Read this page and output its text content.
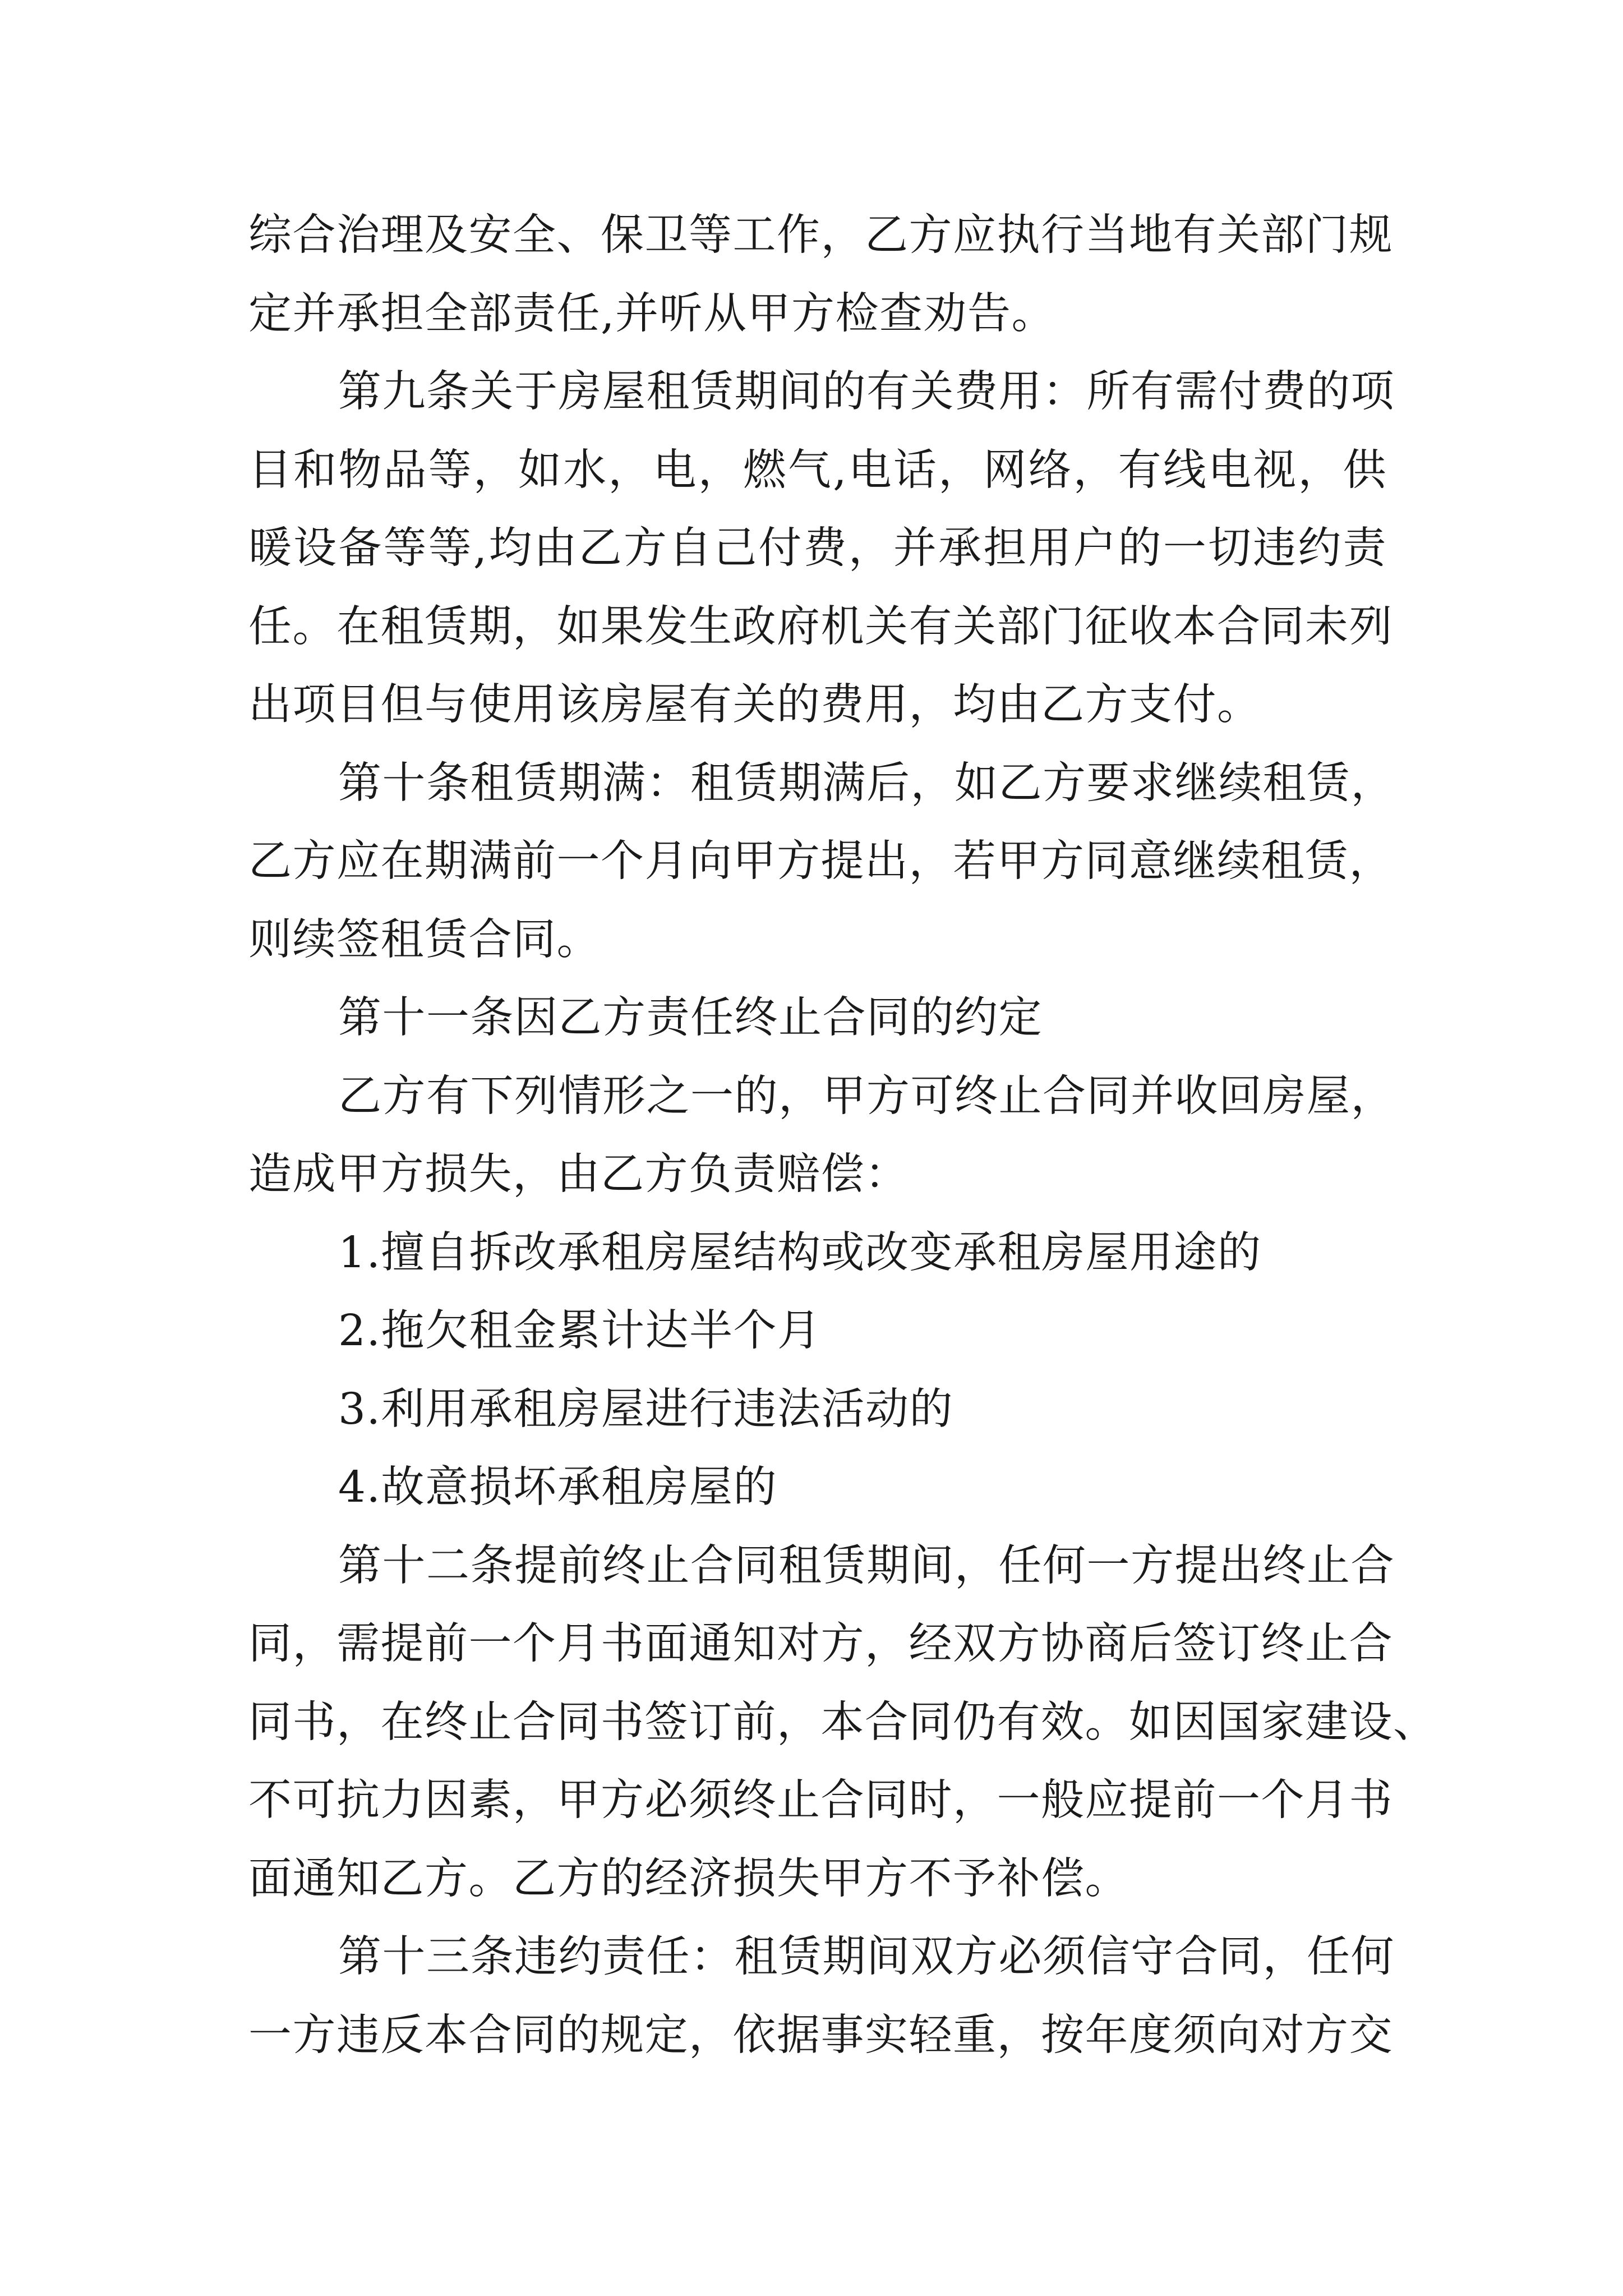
综合治理及安全、保卫等工作，乙方应执行当地有关部门规
定并承担全部责任,并听从甲方检查劝告。
第九条关于房屋租赁期间的有关费用：所有需付费的项
目和物品等，如水，电，燃气,电话，网络，有线电视，供
暖设备等等,均由乙方自己付费，并承担用户的一切违约责
任。在租赁期，如果发生政府机关有关部门征收本合同未列
出项目但与使用该房屋有关的费用，均由乙方支付。
第十条租赁期满：租赁期满后，如乙方要求继续租赁，
乙方应在期满前一个月向甲方提出，若甲方同意继续租赁，
则续签租赁合同。
第十一条因乙方责任终止合同的约定
乙方有下列情形之一的，甲方可终止合同并收回房屋，
造成甲方损失，由乙方负责赔偿：
1.擅自拆改承租房屋结构或改变承租房屋用途的
2.拖欠租金累计达半个月
3.利用承租房屋进行违法活动的
4.故意损坏承租房屋的
第十二条提前终止合同租赁期间，任何一方提出终止合
同，需提前一个月书面通知对方，经双方协商后签订终止合
同书，在终止合同书签订前，本合同仍有效。如因国家建设、
不可抗力因素，甲方必须终止合同时，一般应提前一个月书
面通知乙方。乙方的经济损失甲方不予补偿。
第十三条违约责任：租赁期间双方必须信守合同，任何
一方违反本合同的规定，依据事实轻重，按年度须向对方交
